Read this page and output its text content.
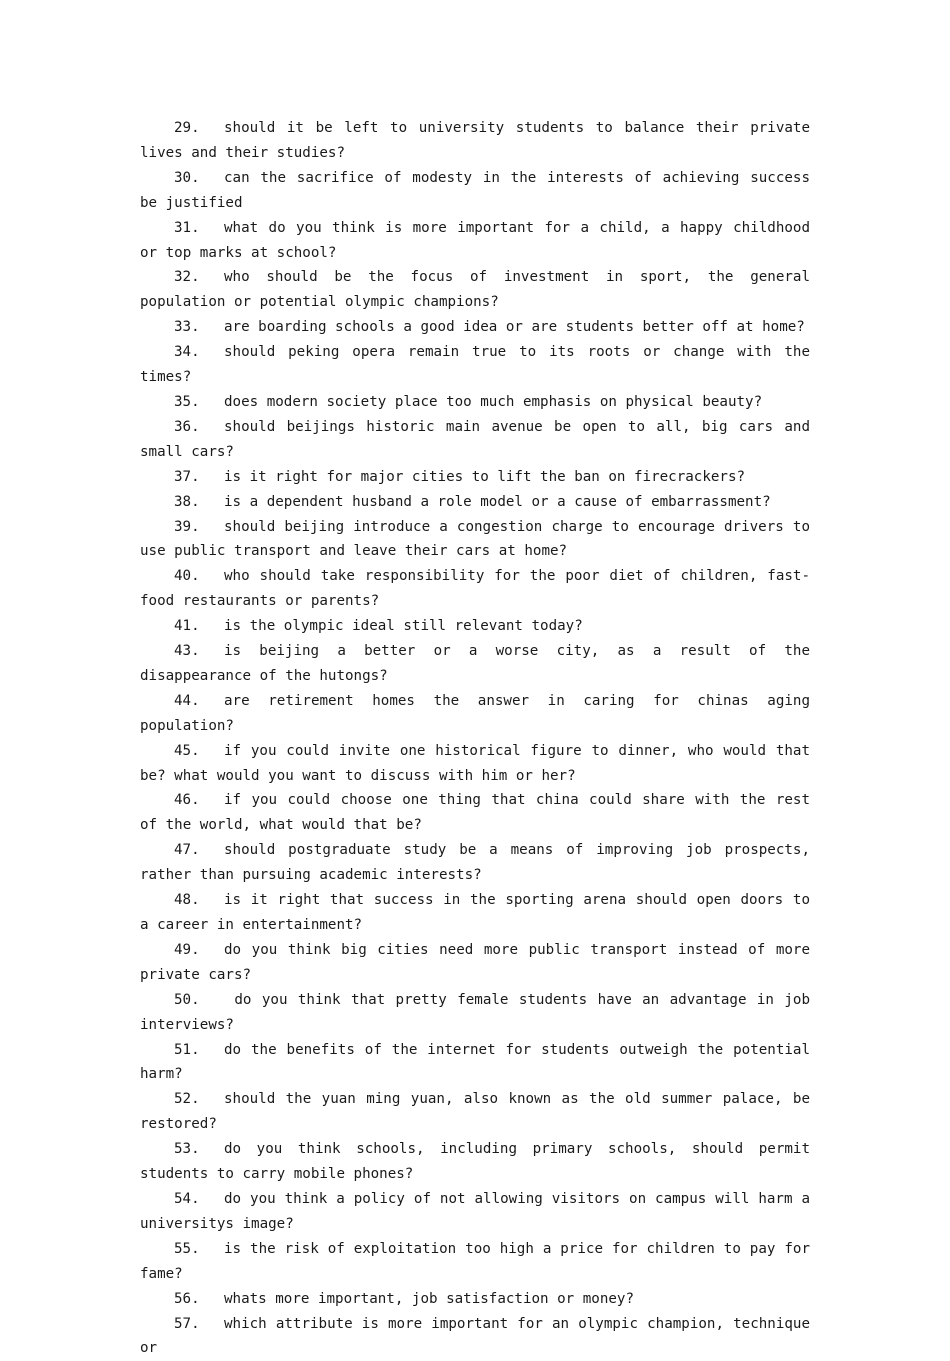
29. should it be left to university students to balance their private lives and their studies?

30. can the sacrifice of modesty in the interests of achieving success be justified

31. what do you think is more important for a child, a happy childhood or top marks at school?

32. who should be the focus of investment in sport, the general population or potential olympic champions?

33. are boarding schools a good idea or are students better off at home?

34. should peking opera remain true to its roots or change with the times?

35. does modern society place too much emphasis on physical beauty?

36. should beijings historic main avenue be open to all, big cars and small cars?

37. is it right for major cities to lift the ban on firecrackers?

38. is a dependent husband a role model or a cause of embarrassment?

39. should beijing introduce a congestion charge to encourage drivers to use public transport and leave their cars at home?

40. who should take responsibility for the poor diet of children, fast-food restaurants or parents?

41. is the olympic ideal still relevant today?

43. is beijing a better or a worse city, as a result of the disappearance of the hutongs?

44. are retirement homes the answer in caring for chinas aging population?

45. if you could invite one historical figure to dinner, who would that be? what would you want to discuss with him or her?

46. if you could choose one thing that china could share with the rest of the world, what would that be?

47. should postgraduate study be a means of improving job prospects, rather than pursuing academic interests?

48. is it right that success in the sporting arena should open doors to a career in entertainment?

49. do you think big cities need more public transport instead of more private cars?

50. do you think that pretty female students have an advantage in job interviews?

51. do the benefits of the internet for students outweigh the potential harm?

52. should the yuan ming yuan, also known as the old summer palace, be restored?

53. do you think schools, including primary schools, should permit students to carry mobile phones?

54. do you think a policy of not allowing visitors on campus will harm a universitys image?

55. is the risk of exploitation too high a price for children to pay for fame?

56. whats more important, job satisfaction or money?

57. which attribute is more important for an olympic champion, technique or
